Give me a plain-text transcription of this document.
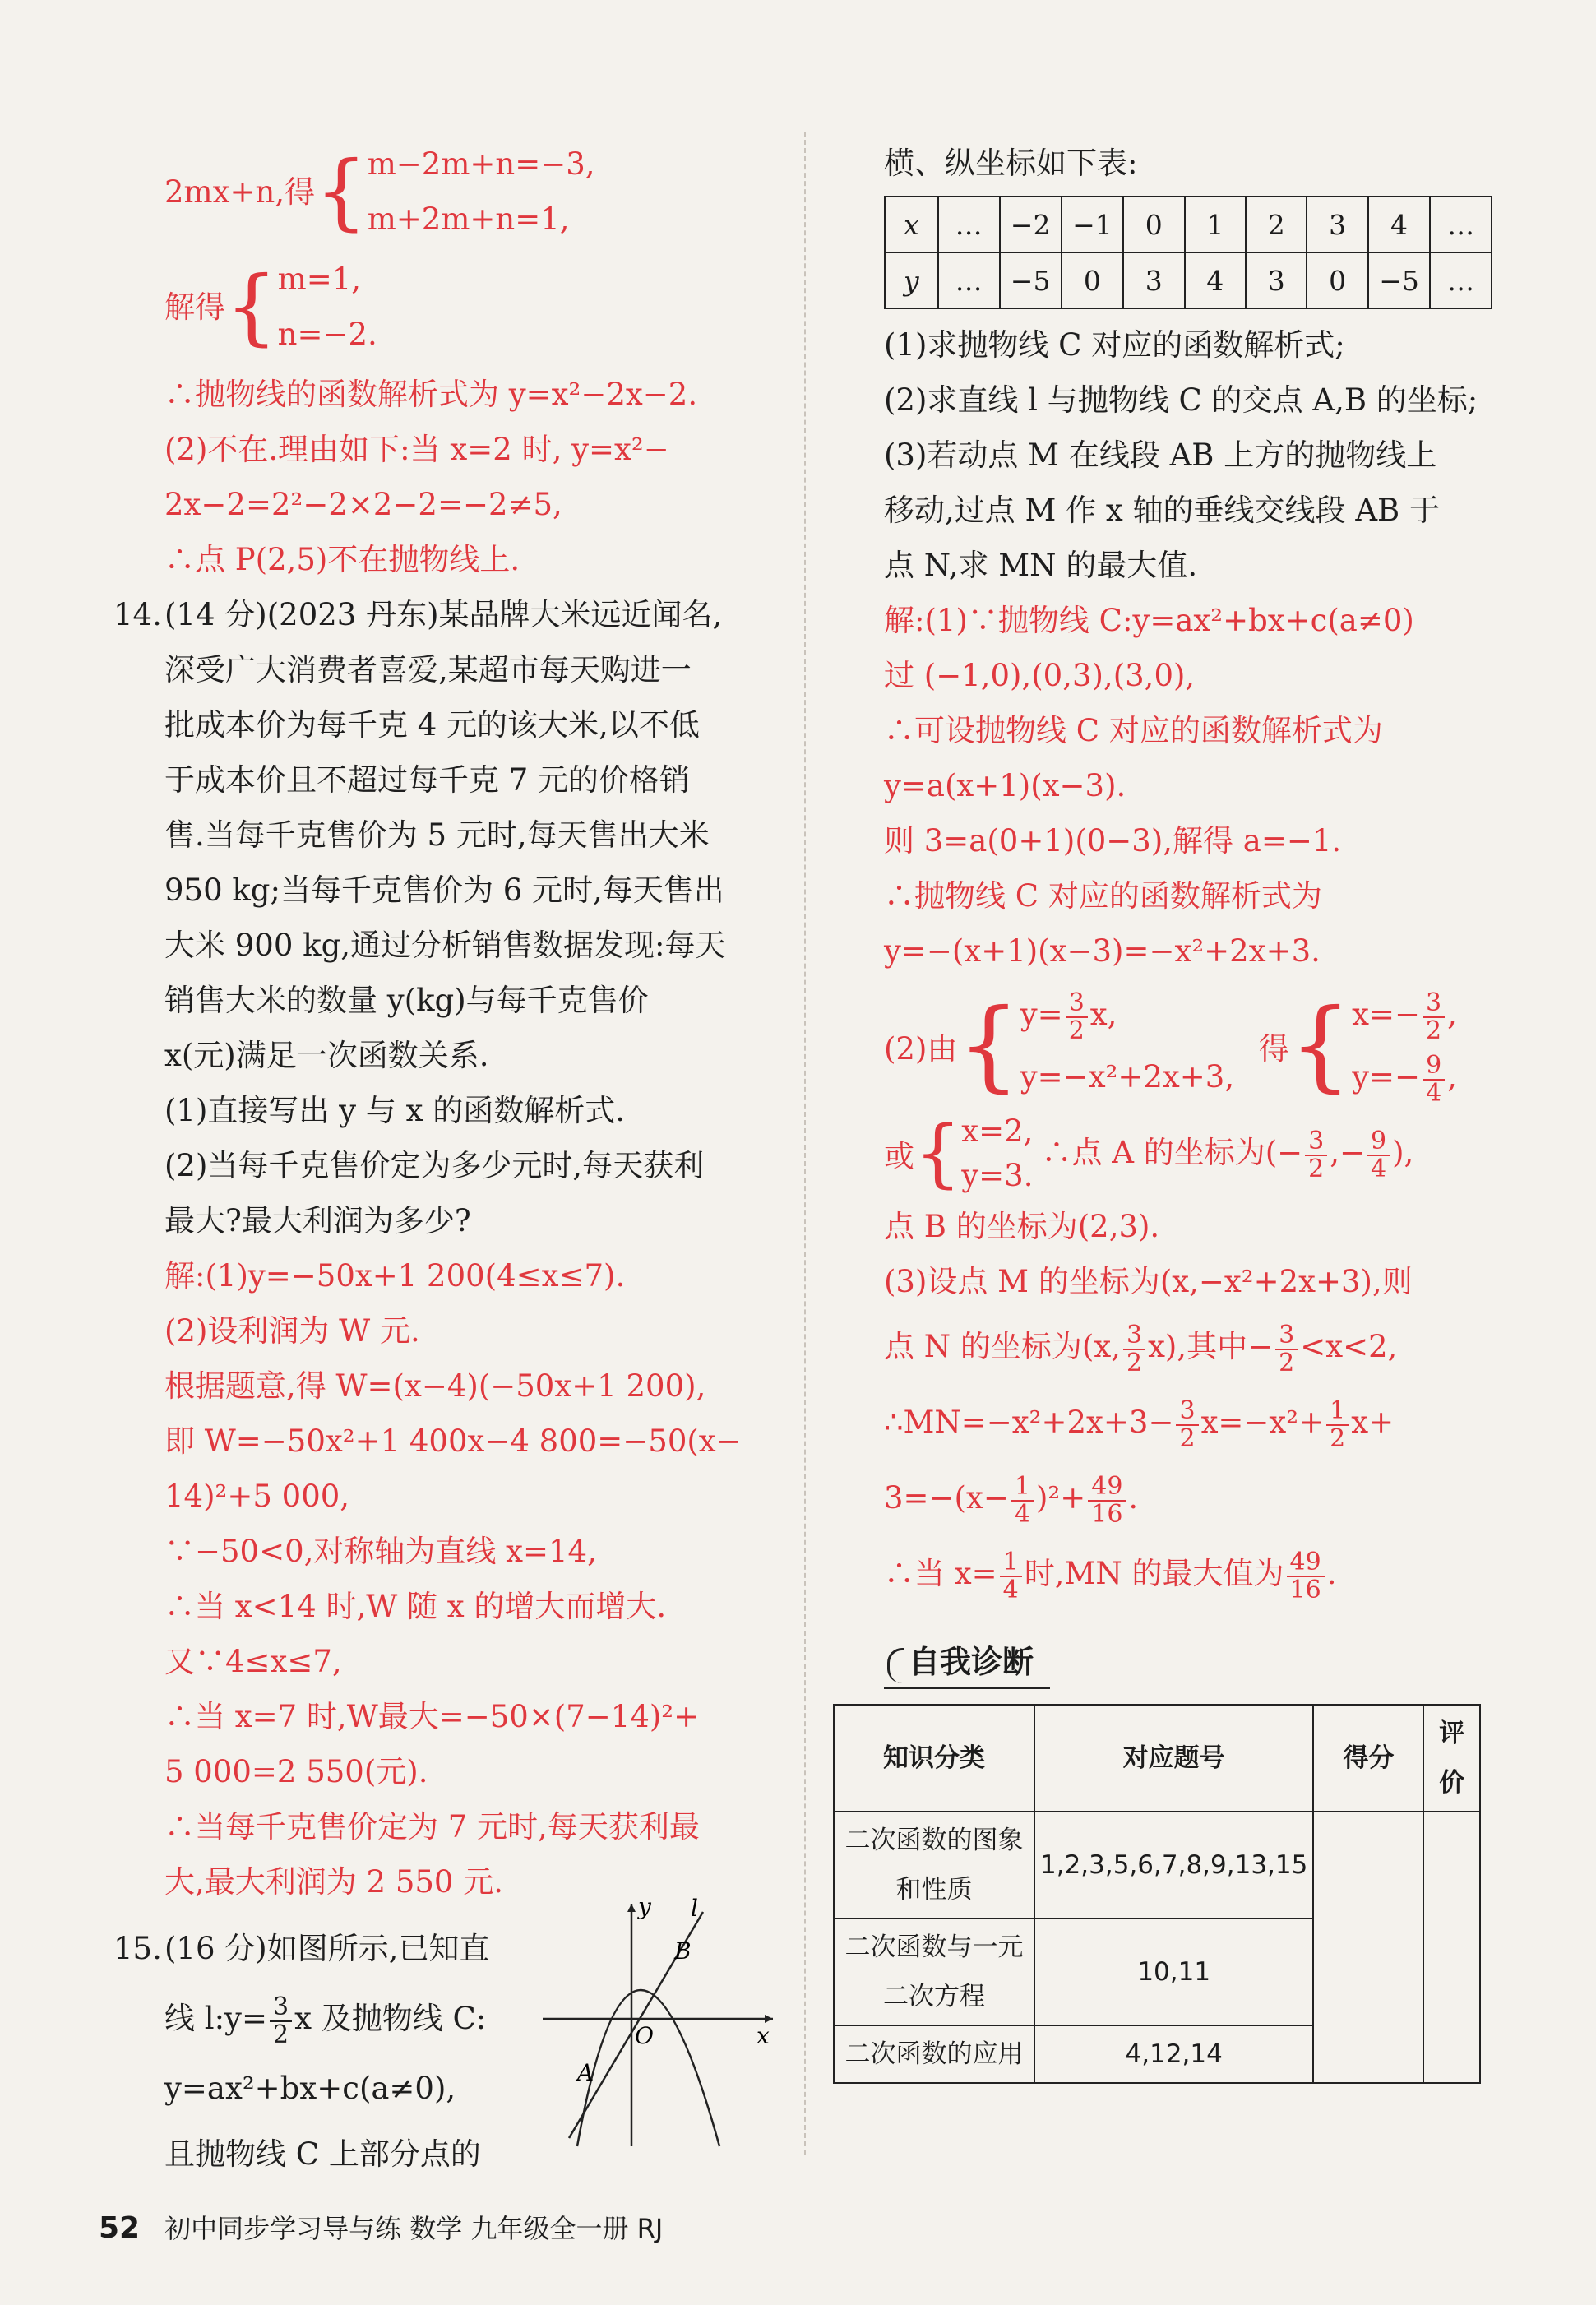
2mx+n,得 { m−2m+n=−3,
m+2m+n=1,
解得 { m=1,
n=−2.
∴抛物线的函数解析式为 y=x²−2x−2.
(2)不在.理由如下:当 x=2 时, y=x²−
2x−2=2²−2×2−2=−2≠5,
∴点 P(2,5)不在抛物线上.
14.(14 分)(2023 丹东)某品牌大米远近闻名,
深受广大消费者喜爱,某超市每天购进一
批成本价为每千克 4 元的该大米,以不低
于成本价且不超过每千克 7 元的价格销
售.当每千克售价为 5 元时,每天售出大米
950 kg;当每千克售价为 6 元时,每天售出
大米 900 kg,通过分析销售数据发现:每天
销售大米的数量 y(kg)与每千克售价
x(元)满足一次函数关系.
(1)直接写出 y 与 x 的函数解析式.
(2)当每千克售价定为多少元时,每天获利
最大?最大利润为多少?
解:(1)y=−50x+1 200(4≤x≤7).
(2)设利润为 W 元.
根据题意,得 W=(x−4)(−50x+1 200),
即 W=−50x²+1 400x−4 800=−50(x−
14)²+5 000,
∵−50<0,对称轴为直线 x=14,
∴当 x<14 时,W 随 x 的增大而增大.
又∵4≤x≤7,
∴当 x=7 时,W最大=−50×(7−14)²+
5 000=2 550(元).
∴当每千克售价定为 7 元时,每天获利最
大,最大利润为 2 550 元.
15.(16 分)如图所示,已知直
线 l:y= $\frac{3}{2}$ x 及抛物线 C:
y=ax²+bx+c(a≠0),
且抛物线 C 上部分点的
y
x
O
l
B
A
横、纵坐标如下表:
x	…	−2	−1	0	1	2	3	4	…
y	…	−5	0	3	4	3	0	−5	…
(1)求抛物线 C 对应的函数解析式;
(2)求直线 l 与抛物线 C 的交点 A,B 的坐标;
(3)若动点 M 在线段 AB 上方的抛物线上
移动,过点 M 作 x 轴的垂线交线段 AB 于
点 N,求 MN 的最大值.
解:(1)∵抛物线 C:y=ax²+bx+c(a≠0)
过 (−1,0),(0,3),(3,0),
∴可设抛物线 C 对应的函数解析式为
y=a(x+1)(x−3).
则 3=a(0+1)(0−3),解得 a=−1.
∴抛物线 C 对应的函数解析式为
y=−(x+1)(x−3)=−x²+2x+3.
(2)由 { $y= \frac{3}{2} x$,
y=−x²+2x+3,
得 { $x=- \frac{3}{2}$ ,
$y=- \frac{9}{4}$ ,
或 { x=2,
y=3.
∴点 A 的坐标为(− $\frac{3}{2}$ ,− $\frac{9}{4}$ ),
点 B 的坐标为(2,3).
(3)设点 M 的坐标为(x,−x²+2x+3),则
点 N 的坐标为(x, $\frac{3}{2} x$),其中− $\frac{3}{2} <x<2$,
∴MN=−x²+2x+3− $\frac{3}{2} x=-x^2+ \frac{1}{2} x+$
$3=-(x- \frac{1}{4} )^2+ \frac{49}{16}$ .
∴当 $x= \frac{1}{4}$ 时,MN 的最大值为 $\frac{49}{16}$ .
自我诊断
知识分类	对应题号	得分	评价
二次函数的图象和性质	1,2,3,5,6,7,8,9,13,15		
二次函数与一元二次方程	10,11		
二次函数的应用	4,12,14		
52 初中同步学习导与练 数学 九年级全一册 RJ
